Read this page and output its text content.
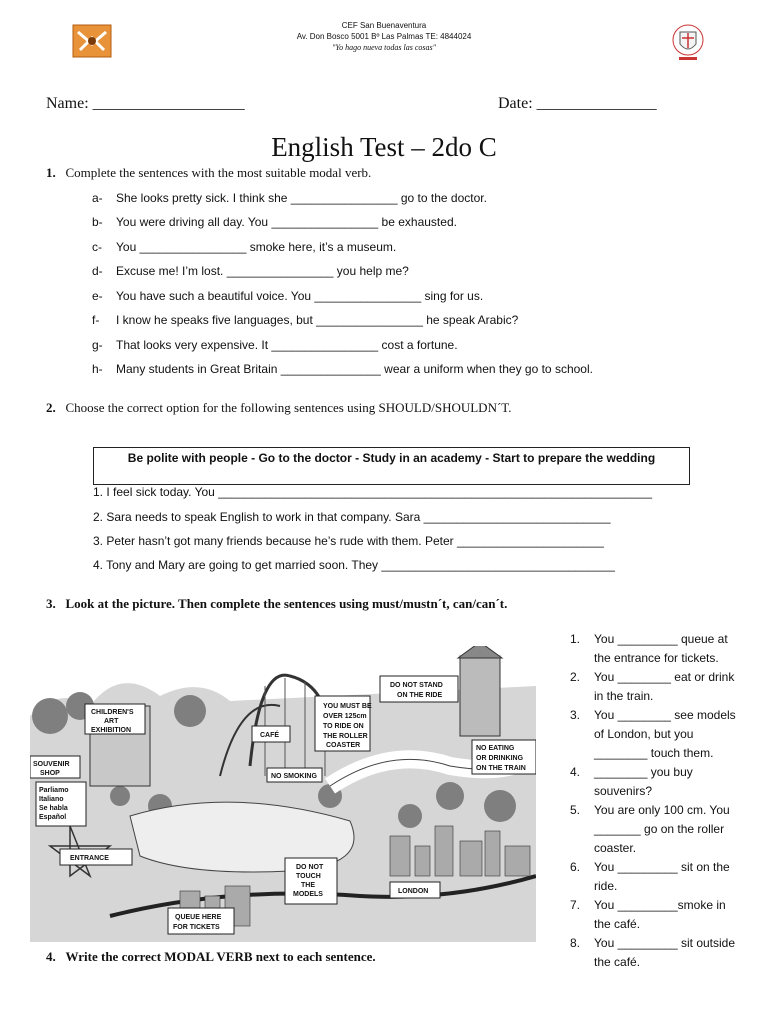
CEF San Buenaventura
Av. Don Bosco 5001 Bº Las Palmas TE: 4844024
"Yo hago nueva todas las cosas"
Name: ___________________	Date: _______________
English Test – 2do C
1. Complete the sentences with the most suitable modal verb.
a- She looks pretty sick. I think she ________________ go to the doctor.
b- You were driving all day. You ________________ be exhausted.
c- You ________________ smoke here, it’s a museum.
d- Excuse me! I’m lost. ________________ you help me?
e- You have such a beautiful voice. You ________________ sing for us.
f- I know he speaks five languages, but ________________ he speak Arabic?
g- That looks very expensive. It ________________ cost a fortune.
h- Many students in Great Britain _______________ wear a uniform when they go to school.
2. Choose the correct option for the following sentences using SHOULD/SHOULDN´T.
Be polite with people - Go to the doctor - Study in an academy - Start to prepare the wedding
1. I feel sick today. You _________________________________________________________________
2. Sara needs to speak English to work in that company. Sara ____________________________
3. Peter hasn’t got many friends because he’s rude with them. Peter ______________________
4. Tony and Mary are going to get married soon. They ___________________________________
3. Look at the picture. Then complete the sentences using must/mustn´t, can/can´t.
DO NOT STAND
ON THE RIDE
YOU MUST BE
OVER 125cm
TO RIDE ON
THE ROLLER
COASTER
CAFÉ
NO SMOKING
NO EATING
OR DRINKING
ON THE TRAIN
SOUVENIR
SHOP
Parliamo
Italiano
Se habla
Español
CHILDREN'S
ART
EXHIBITION
ENTRANCE
DO NOT
TOUCH
THE
MODELS	LONDON
QUEUE HERE
FOR TICKETS
1.	You _________ queue at the entrance for tickets.
2.	You ________ eat or drink in the train.
3.	You ________ see models of London, but you ________ touch them.
4.	________ you buy souvenirs?
5.	You are only 100 cm. You _______ go on the roller coaster.
6.	You _________ sit on the ride.
7.	You _________smoke in the café.
8.	You _________ sit outside the café.
4. Write the correct MODAL VERB next to each sentence.
